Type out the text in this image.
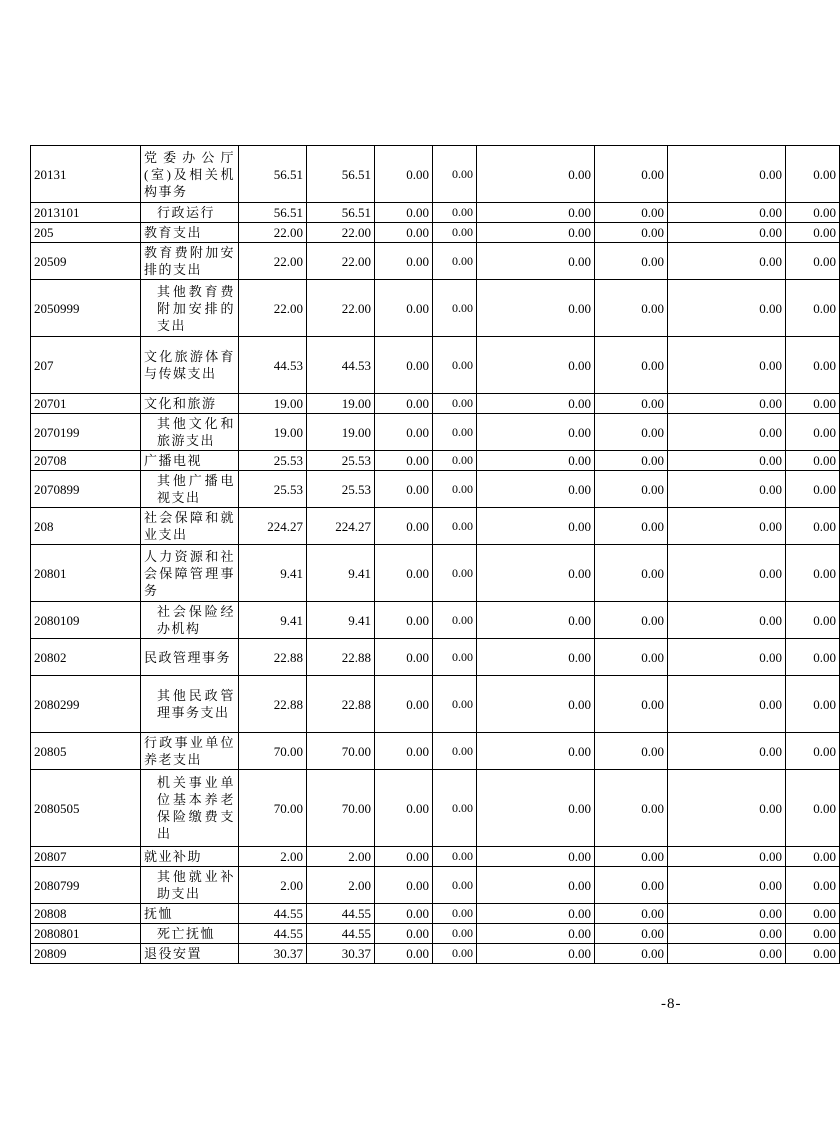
20131	党委办公厅(室)及相关机构事务	56.51	56.51	0.00	0.00	0.00	0.00	0.00	0.00
2013101	行政运行	56.51	56.51	0.00	0.00	0.00	0.00	0.00	0.00
205	教育支出	22.00	22.00	0.00	0.00	0.00	0.00	0.00	0.00
20509	教育费附加安排的支出	22.00	22.00	0.00	0.00	0.00	0.00	0.00	0.00
2050999	其他教育费附加安排的支出	22.00	22.00	0.00	0.00	0.00	0.00	0.00	0.00
207	文化旅游体育与传媒支出	44.53	44.53	0.00	0.00	0.00	0.00	0.00	0.00
20701	文化和旅游	19.00	19.00	0.00	0.00	0.00	0.00	0.00	0.00
2070199	其他文化和旅游支出	19.00	19.00	0.00	0.00	0.00	0.00	0.00	0.00
20708	广播电视	25.53	25.53	0.00	0.00	0.00	0.00	0.00	0.00
2070899	其他广播电视支出	25.53	25.53	0.00	0.00	0.00	0.00	0.00	0.00
208	社会保障和就业支出	224.27	224.27	0.00	0.00	0.00	0.00	0.00	0.00
20801	人力资源和社会保障管理事务	9.41	9.41	0.00	0.00	0.00	0.00	0.00	0.00
2080109	社会保险经办机构	9.41	9.41	0.00	0.00	0.00	0.00	0.00	0.00
20802	民政管理事务	22.88	22.88	0.00	0.00	0.00	0.00	0.00	0.00
2080299	其他民政管理事务支出	22.88	22.88	0.00	0.00	0.00	0.00	0.00	0.00
20805	行政事业单位养老支出	70.00	70.00	0.00	0.00	0.00	0.00	0.00	0.00
2080505	机关事业单位基本养老保险缴费支出	70.00	70.00	0.00	0.00	0.00	0.00	0.00	0.00
20807	就业补助	2.00	2.00	0.00	0.00	0.00	0.00	0.00	0.00
2080799	其他就业补助支出	2.00	2.00	0.00	0.00	0.00	0.00	0.00	0.00
20808	抚恤	44.55	44.55	0.00	0.00	0.00	0.00	0.00	0.00
2080801	死亡抚恤	44.55	44.55	0.00	0.00	0.00	0.00	0.00	0.00
20809	退役安置	30.37	30.37	0.00	0.00	0.00	0.00	0.00	0.00
-8-
